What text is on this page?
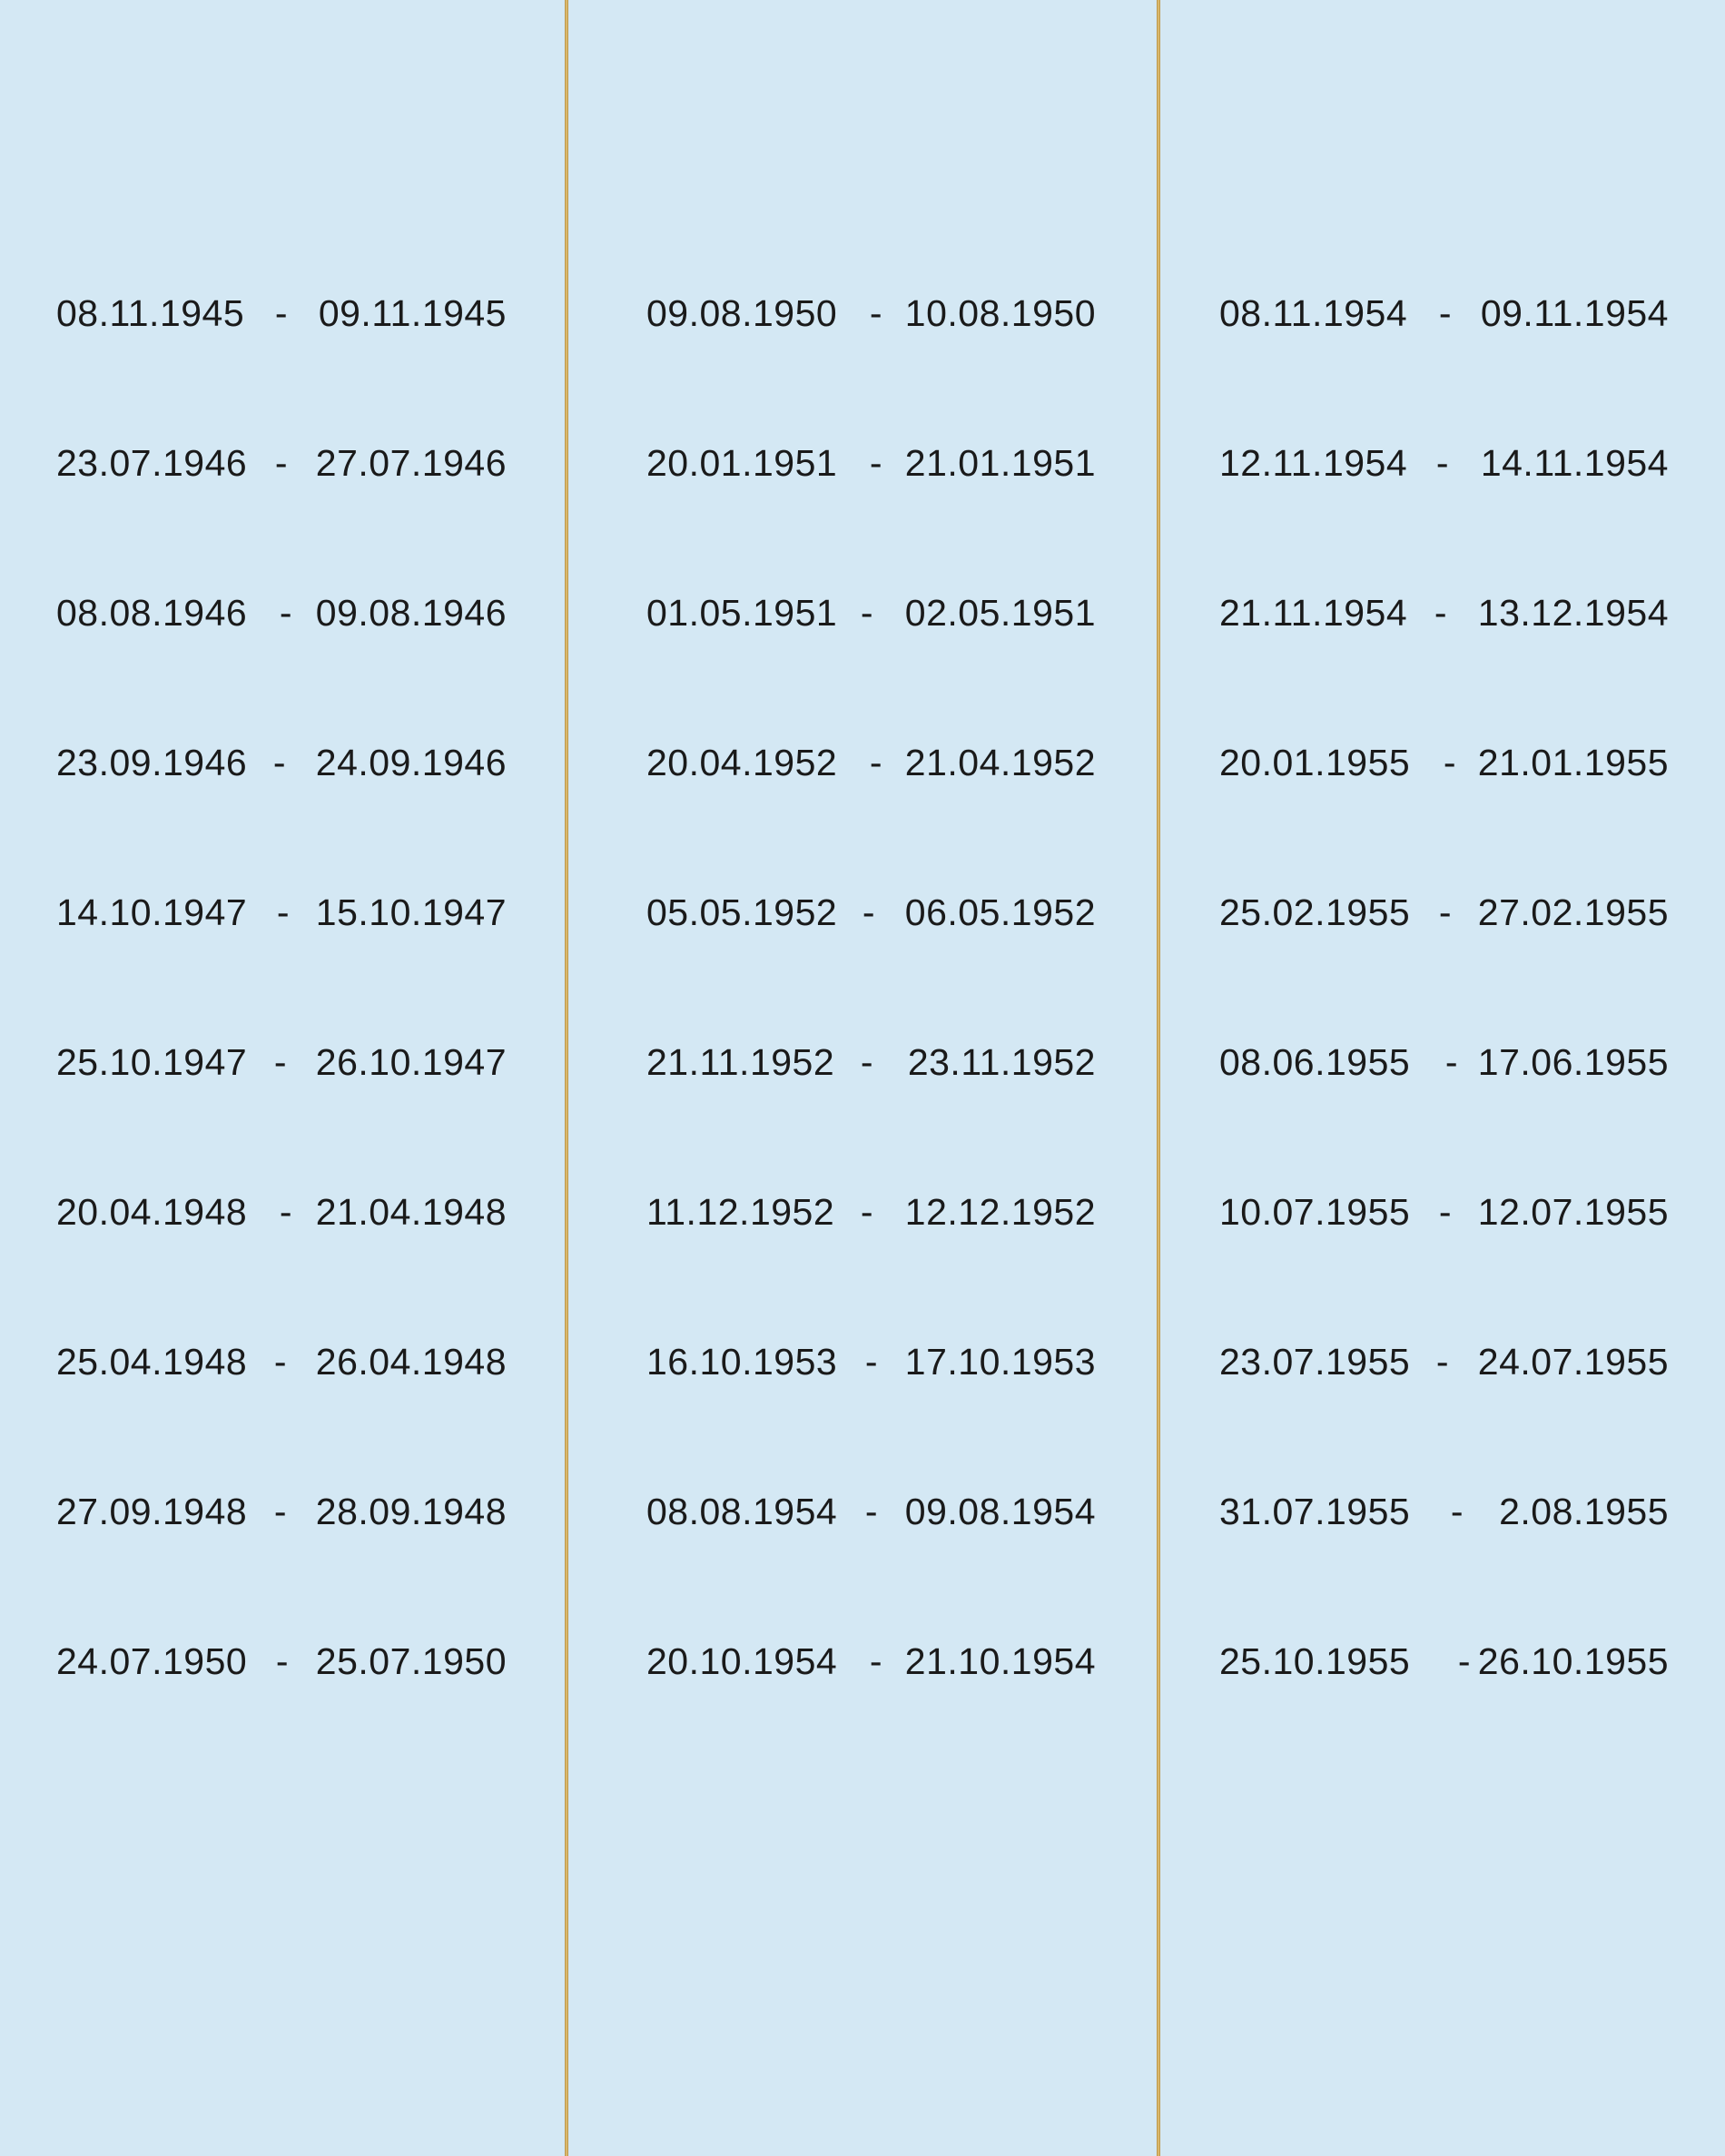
08.11.1945 - 09.11.1945
23.07.1946 - 27.07.1946
08.08.1946 - 09.08.1946
23.09.1946 - 24.09.1946
14.10.1947 - 15.10.1947
25.10.1947 - 26.10.1947
20.04.1948 - 21.04.1948
25.04.1948 - 26.04.1948
27.09.1948 - 28.09.1948
24.07.1950 - 25.07.1950
09.08.1950 - 10.08.1950
20.01.1951 - 21.01.1951
01.05.1951 - 02.05.1951
20.04.1952 - 21.04.1952
05.05.1952 - 06.05.1952
21.11.1952 - 23.11.1952
11.12.1952 - 12.12.1952
16.10.1953 - 17.10.1953
08.08.1954 - 09.08.1954
20.10.1954 - 21.10.1954
08.11.1954 - 09.11.1954
12.11.1954 - 14.11.1954
21.11.1954 - 13.12.1954
20.01.1955 - 21.01.1955
25.02.1955 - 27.02.1955
08.06.1955 - 17.06.1955
10.07.1955 - 12.07.1955
23.07.1955 - 24.07.1955
31.07.1955 - 2.08.1955
25.10.1955 - 26.10.1955
